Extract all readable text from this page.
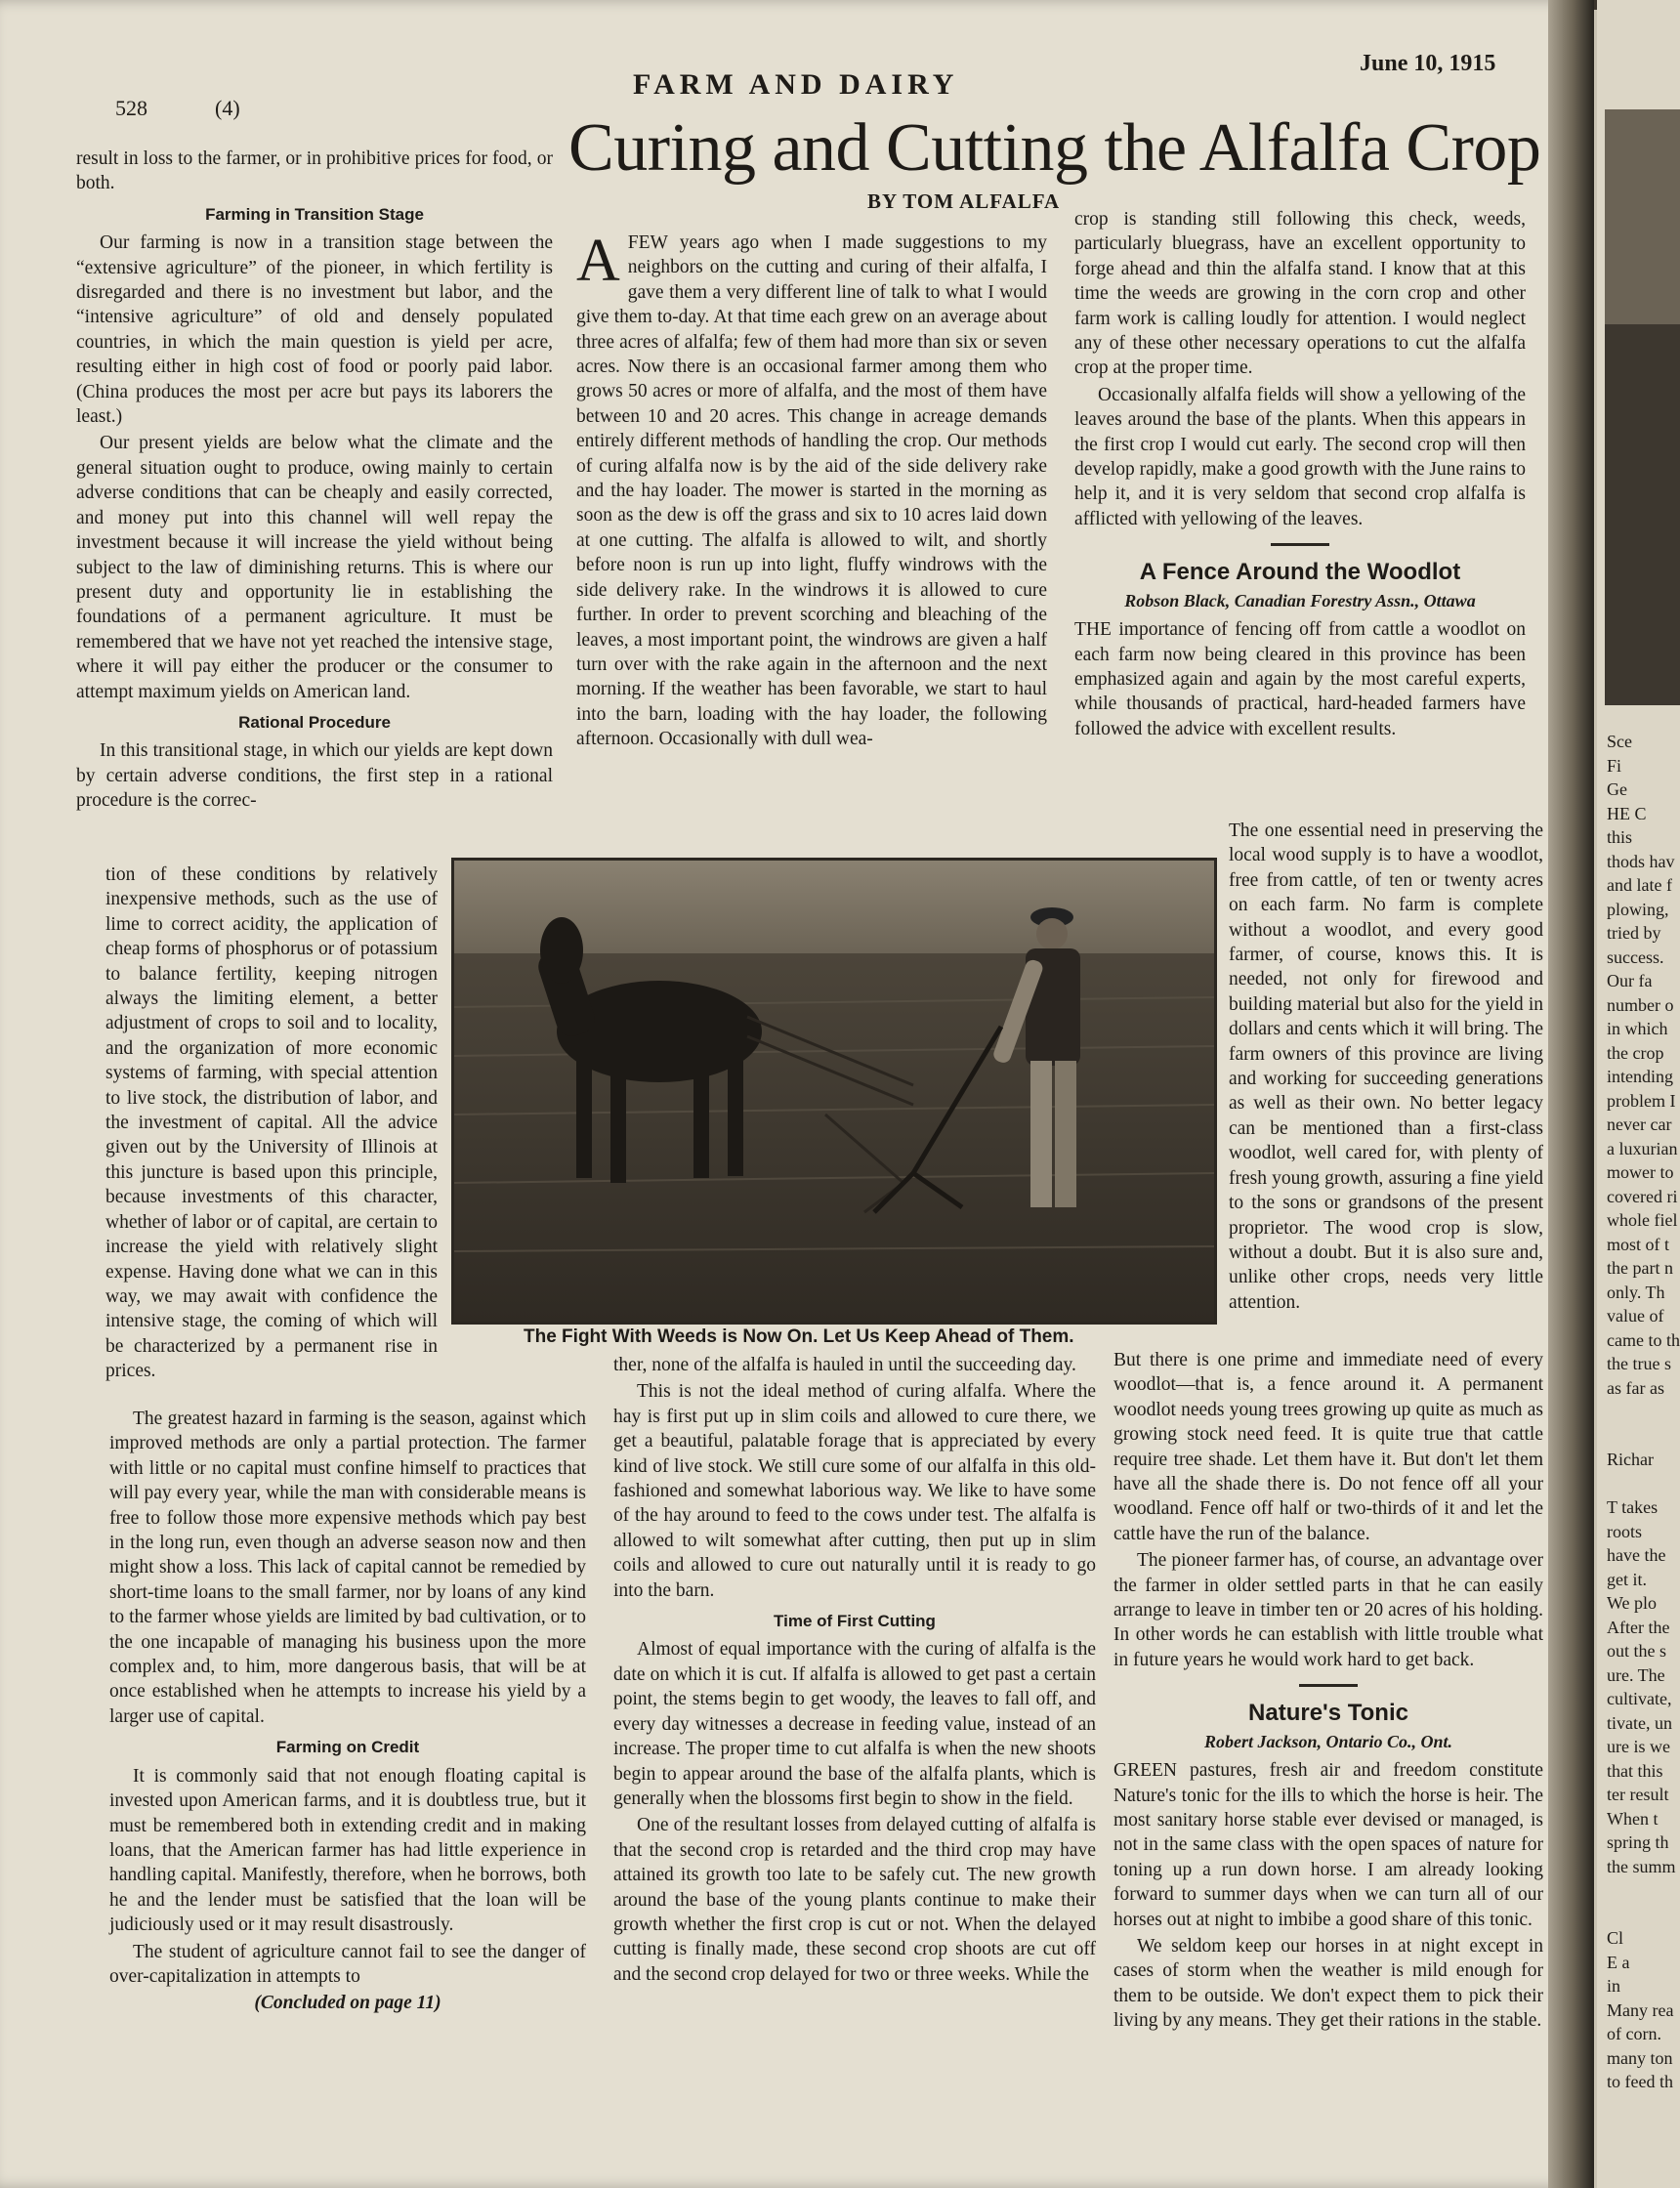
528	(4)
FARM AND DAIRY
June 10, 1915
Curing and Cutting the Alfalfa Crop
BY TOM ALFALFA

result in loss to the farmer, or in prohibitive prices for food, or both.

Farming in Transition Stage

Our farming is now in a transition stage between the “extensive agriculture” of the pioneer, in which fertility is disregarded and there is no investment but labor, and the “intensive agriculture” of old and densely populated countries, in which the main question is yield per acre, resulting either in high cost of food or poorly paid labor. (China produces the most per acre but pays its laborers the least.)

Our present yields are below what the climate and the general situation ought to produce, owing mainly to certain adverse conditions that can be cheaply and easily corrected, and money put into this channel will well repay the investment because it will increase the yield without being subject to the law of diminishing returns. This is where our present duty and opportunity lie in establishing the foundations of a permanent agriculture. It must be remembered that we have not yet reached the intensive stage, where it will pay either the producer or the consumer to attempt maximum yields on American land.

Rational Procedure

In this transitional stage, in which our yields are kept down by certain adverse conditions, the first step in a rational procedure is the correc-

tion of these conditions by relatively inexpensive methods, such as the use of lime to correct acidity, the application of cheap forms of phosphorus or of potassium to balance fertility, keeping nitrogen always the limiting element, a better adjustment of crops to soil and to locality, and the organization of more economic systems of farming, with special attention to live stock, the distribution of labor, and the investment of capital. All the advice given out by the University of Illinois at this juncture is based upon this principle, because investments of this character, whether of labor or of capital, are certain to increase the yield with relatively slight expense. Having done what we can in this way, we may await with confidence the intensive stage, the coming of which will be characterized by a permanent rise in prices.

The greatest hazard in farming is the season, against which improved methods are only a partial protection. The farmer with little or no capital must confine himself to practices that will pay every year, while the man with considerable means is free to follow those more expensive methods which pay best in the long run, even though an adverse season now and then might show a loss. This lack of capital cannot be remedied by short-time loans to the small farmer, nor by loans of any kind to the farmer whose yields are limited by bad cultivation, or to the one incapable of managing his business upon the more complex and, to him, more dangerous basis, that will be at once established when he attempts to increase his yield by a larger use of capital.

Farming on Credit

It is commonly said that not enough floating capital is invested upon American farms, and it is doubtless true, but it must be remembered both in extending credit and in making loans, that the American farmer has had little experience in handling capital. Manifestly, therefore, when he borrows, both he and the lender must be satisfied that the loan will be judiciously used or it may result disastrously.

The student of agriculture cannot fail to see the danger of over-capitalization in attempts to

(Concluded on page 11)

AFEW years ago when I made suggestions to my neighbors on the cutting and curing of their alfalfa, I gave them a very different line of talk to what I would give them to-day. At that time each grew on an average about three acres of alfalfa; few of them had more than six or seven acres. Now there is an occasional farmer among them who grows 50 acres or more of alfalfa, and the most of them have between 10 and 20 acres. This change in acreage demands entirely different methods of handling the crop. Our methods of curing alfalfa now is by the aid of the side delivery rake and the hay loader. The mower is started in the morning as soon as the dew is off the grass and six to 10 acres laid down at one cutting. The alfalfa is allowed to wilt, and shortly before noon is run up into light, fluffy windrows with the side delivery rake. In the windrows it is allowed to cure further. In order to prevent scorching and bleaching of the leaves, a most important point, the windrows are given a half turn over with the rake again in the afternoon and the next morning. If the weather has been favorable, we start to haul into the barn, loading with the hay loader, the following afternoon. Occasionally with dull wea-

ther, none of the alfalfa is hauled in until the succeeding day.

This is not the ideal method of curing alfalfa. Where the hay is first put up in slim coils and allowed to cure there, we get a beautiful, palatable forage that is appreciated by every kind of live stock. We still cure some of our alfalfa in this old-fashioned and somewhat laborious way. We like to have some of the hay around to feed to the cows under test. The alfalfa is allowed to wilt somewhat after cutting, then put up in slim coils and allowed to cure out naturally until it is ready to go into the barn.

Time of First Cutting

Almost of equal importance with the curing of alfalfa is the date on which it is cut. If alfalfa is allowed to get past a certain point, the stems begin to get woody, the leaves to fall off, and every day witnesses a decrease in feeding value, instead of an increase. The proper time to cut alfalfa is when the new shoots begin to appear around the base of the alfalfa plants, which is generally when the blossoms first begin to show in the field.

One of the resultant losses from delayed cutting of alfalfa is that the second crop is retarded and the third crop may have attained its growth too late to be safely cut. The new growth around the base of the young plants continue to make their growth whether the first crop is cut or not. When the delayed cutting is finally made, these second crop shoots are cut off and the second crop delayed for two or three weeks. While the

crop is standing still following this check, weeds, particularly bluegrass, have an excellent opportunity to forge ahead and thin the alfalfa stand. I know that at this time the weeds are growing in the corn crop and other farm work is calling loudly for attention. I would neglect any of these other necessary operations to cut the alfalfa crop at the proper time.

Occasionally alfalfa fields will show a yellowing of the leaves around the base of the plants. When this appears in the first crop I would cut early. The second crop will then develop rapidly, make a good growth with the June rains to help it, and it is very seldom that second crop alfalfa is afflicted with yellowing of the leaves.

A Fence Around the Woodlot
Robson Black, Canadian Forestry Assn., Ottawa

THE importance of fencing off from cattle a woodlot on each farm now being cleared in this province has been emphasized again and again by the most careful experts, while thousands of practical, hard-headed farmers have followed the advice with excellent results.

The one essential need in preserving the local wood supply is to have a woodlot, free from cattle, of ten or twenty acres on each farm. No farm is complete without a woodlot, and every good farmer, of course, knows this. It is needed, not only for firewood and building material but also for the yield in dollars and cents which it will bring. The farm owners of this province are living and working for succeeding generations as well as their own. No better legacy can be mentioned than a first-class woodlot, well cared for, with plenty of fresh young growth, assuring a fine yield to the sons or grandsons of the present proprietor. The wood crop is slow, without a doubt. But it is also sure and, unlike other crops, needs very little attention.

But there is one prime and immediate need of every woodlot—that is, a fence around it. A permanent woodlot needs young trees growing up quite as much as growing stock need feed. It is quite true that cattle require tree shade. Let them have it. But don't let them have all the shade there is. Do not fence off all your woodland. Fence off half or two-thirds of it and let the cattle have the run of the balance.

The pioneer farmer has, of course, an advantage over the farmer in older settled parts in that he can easily arrange to leave in timber ten or 20 acres of his holding. In other words he can establish with little trouble what in future years he would work hard to get back.

Nature's Tonic
Robert Jackson, Ontario Co., Ont.

GREEN pastures, fresh air and freedom constitute Nature's tonic for the ills to which the horse is heir. The most sanitary horse stable ever devised or managed, is not in the same class with the open spaces of nature for toning up a run down horse. I am already looking forward to summer days when we can turn all of our horses out at night to imbibe a good share of this tonic.

We seldom keep our horses in at night except in cases of storm when the weather is mild enough for them to be outside. We don't expect them to pick their living by any means. They get their rations in the stable.

The Fight With Weeds is Now On. Let Us Keep Ahead of Them.
Sce
Fi
Ge
HE C
this
thods hav
and late f
plowing,
tried by
success.
Our fa
number o
in which
the crop
intending
problem I
never car
a luxurian
mower to
covered ri
whole fiel
most of t
the part n
only. Th
value of
came to th
the true s
as far as
Richar
T takes
roots
have the
get it.
We plo
After the
out the s
ure. The
cultivate,
tivate, un
ure is we
that this
ter result
When t
spring th
the summ
Cl
E a
in
Many rea
of corn.
many ton
to feed th
